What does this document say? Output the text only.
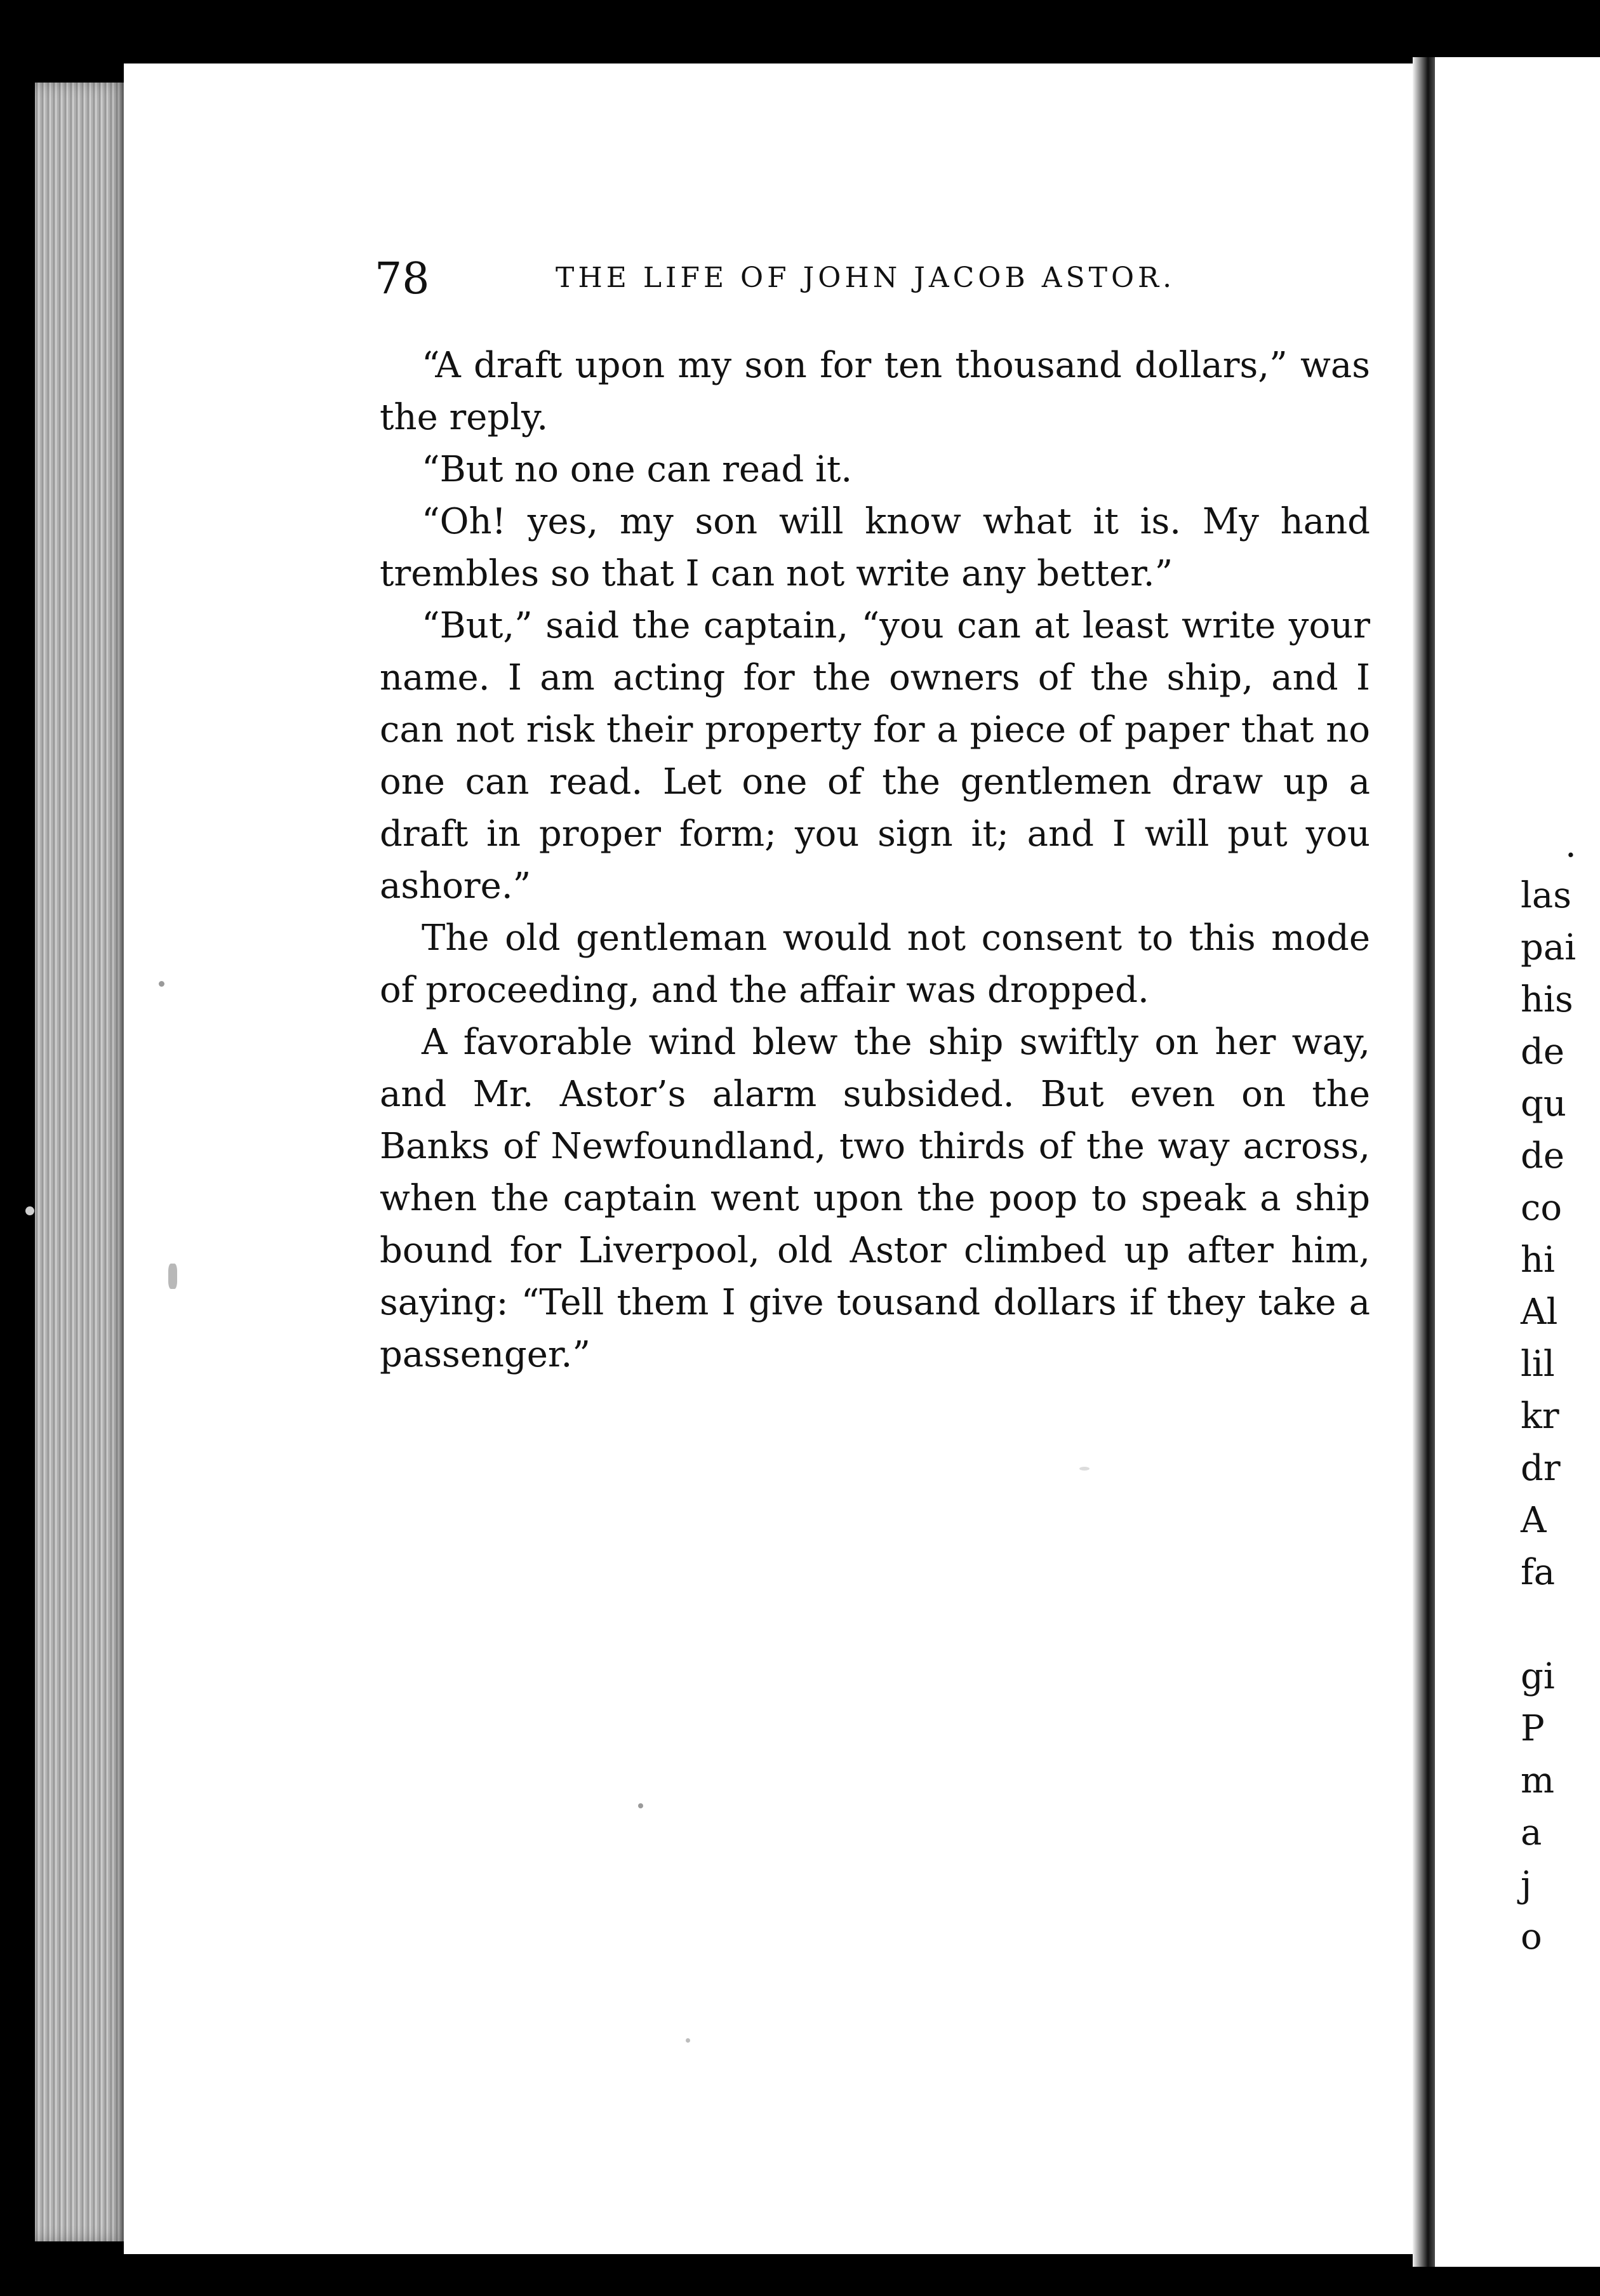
78	THE LIFE OF JOHN JACOB ASTOR.

“A draft upon my son for ten thousand dollars,” was the reply.

“But no one can read it.

“Oh! yes, my son will know what it is. My hand trembles so that I can not write any better.”

“But,” said the captain, “you can at least write your name. I am acting for the owners of the ship, and I can not risk their property for a piece of paper that no one can read. Let one of the gentlemen draw up a draft in proper form; you sign it; and I will put you ashore.”

The old gentleman would not consent to this mode of proceeding, and the affair was dropped.

A favorable wind blew the ship swiftly on her way, and Mr. Astor’s alarm subsided. But even on the Banks of Newfoundland, two thirds of the way across, when the captain went upon the poop to speak a ship bound for Liverpool, old Astor climbed up after him, saying: “Tell them I give tousand dollars if they take a passenger.”

.
las
pai
his
de
qu
de
co
hi
Al
lil
kr
dr
A
fa
gi
P
m
a
j
o
